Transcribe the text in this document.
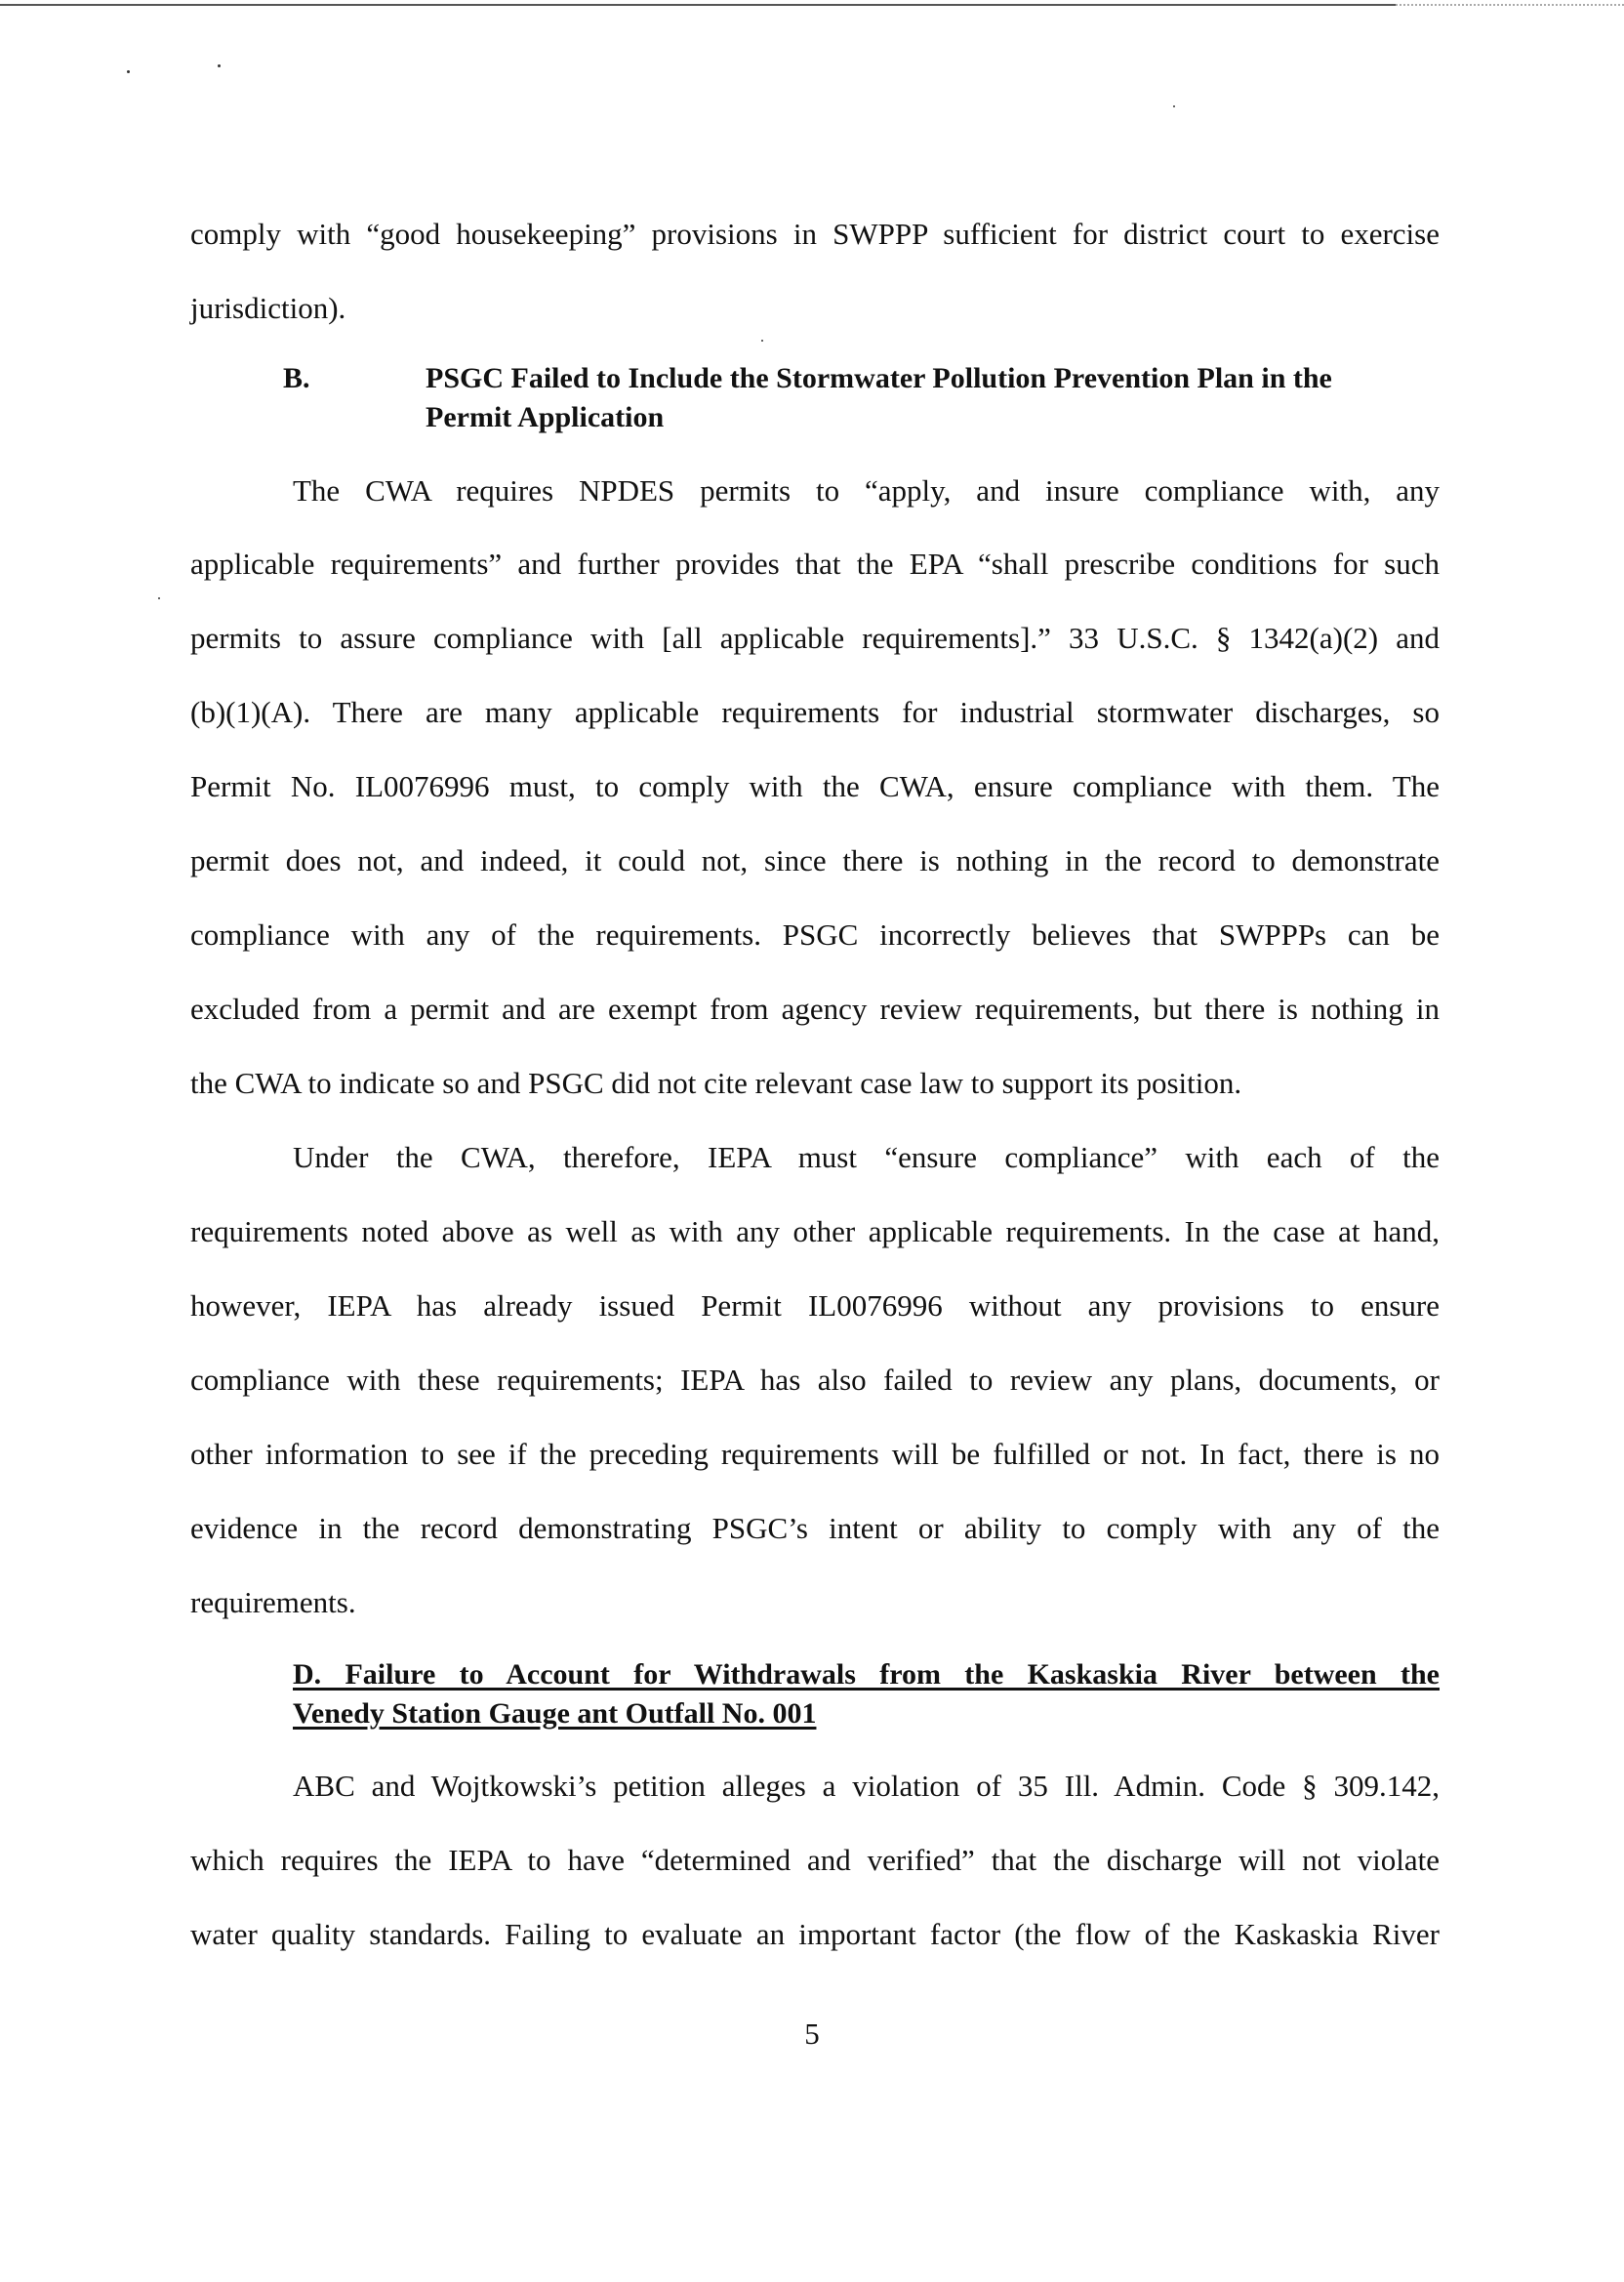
comply with “good housekeeping” provisions in SWPPP sufficient for district court to exercise
jurisdiction).
B.	PSGC Failed to Include the Stormwater Pollution Prevention Plan in the
Permit Application
The CWA requires NPDES permits to “apply, and insure compliance with, any
applicable requirements” and further provides that the EPA “shall prescribe conditions for such
permits to assure compliance with [all applicable requirements].” 33 U.S.C. § 1342(a)(2) and
(b)(1)(A). There are many applicable requirements for industrial stormwater discharges, so
Permit No. IL0076996 must, to comply with the CWA, ensure compliance with them. The
permit does not, and indeed, it could not, since there is nothing in the record to demonstrate
compliance with any of the requirements. PSGC incorrectly believes that SWPPPs can be
excluded from a permit and are exempt from agency review requirements, but there is nothing in
the CWA to indicate so and PSGC did not cite relevant case law to support its position.
Under the CWA, therefore, IEPA must “ensure compliance” with each of the
requirements noted above as well as with any other applicable requirements. In the case at hand,
however, IEPA has already issued Permit IL0076996 without any provisions to ensure
compliance with these requirements; IEPA has also failed to review any plans, documents, or
other information to see if the preceding requirements will be fulfilled or not. In fact, there is no
evidence in the record demonstrating PSGC’s intent or ability to comply with any of the
requirements.
D. Failure to Account for Withdrawals from the Kaskaskia River between the
Venedy Station Gauge ant Outfall No. 001
ABC and Wojtkowski’s petition alleges a violation of 35 Ill. Admin. Code § 309.142,
which requires the IEPA to have “determined and verified” that the discharge will not violate
water quality standards. Failing to evaluate an important factor (the flow of the Kaskaskia River
5
